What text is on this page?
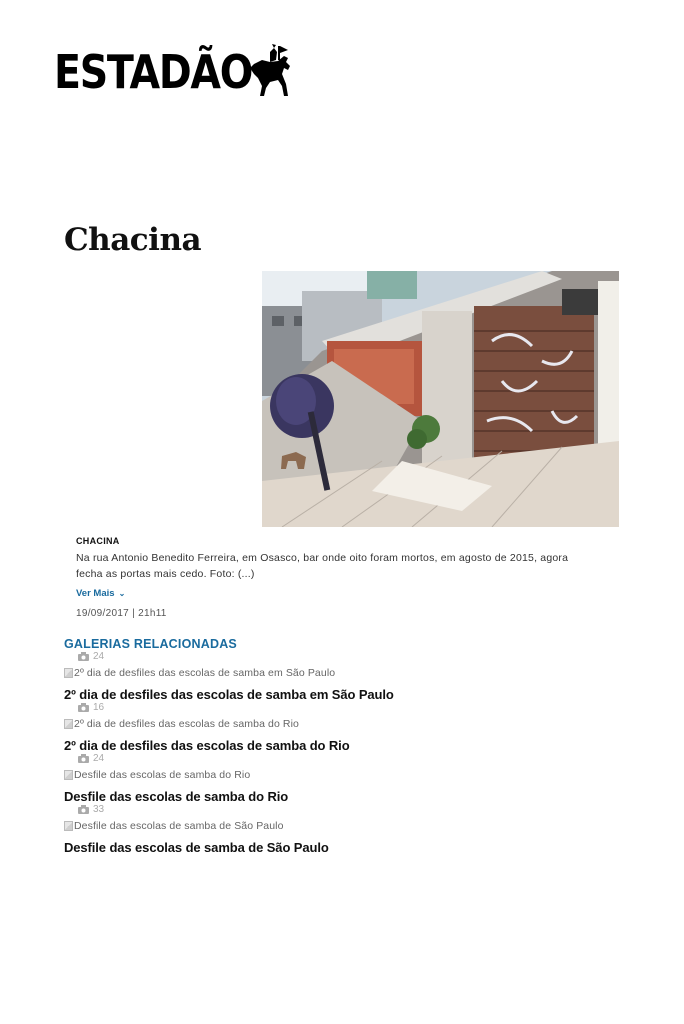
ESTADÃO
Chacina
CHACINA
Na rua Antonio Benedito Ferreira, em Osasco, bar onde oito foram mortos, em agosto de 2015, agora fecha as portas mais cedo. Foto: (...)
Ver Mais ⌄
19/09/2017 | 21h11
GALERIAS RELACIONADAS
24
2º dia de desfiles das escolas de samba em São Paulo
2º dia de desfiles das escolas de samba em São Paulo
16
2º dia de desfiles das escolas de samba do Rio
2º dia de desfiles das escolas de samba do Rio
24
Desfile das escolas de samba do Rio
Desfile das escolas de samba do Rio
33
Desfile das escolas de samba de São Paulo
Desfile das escolas de samba de São Paulo
